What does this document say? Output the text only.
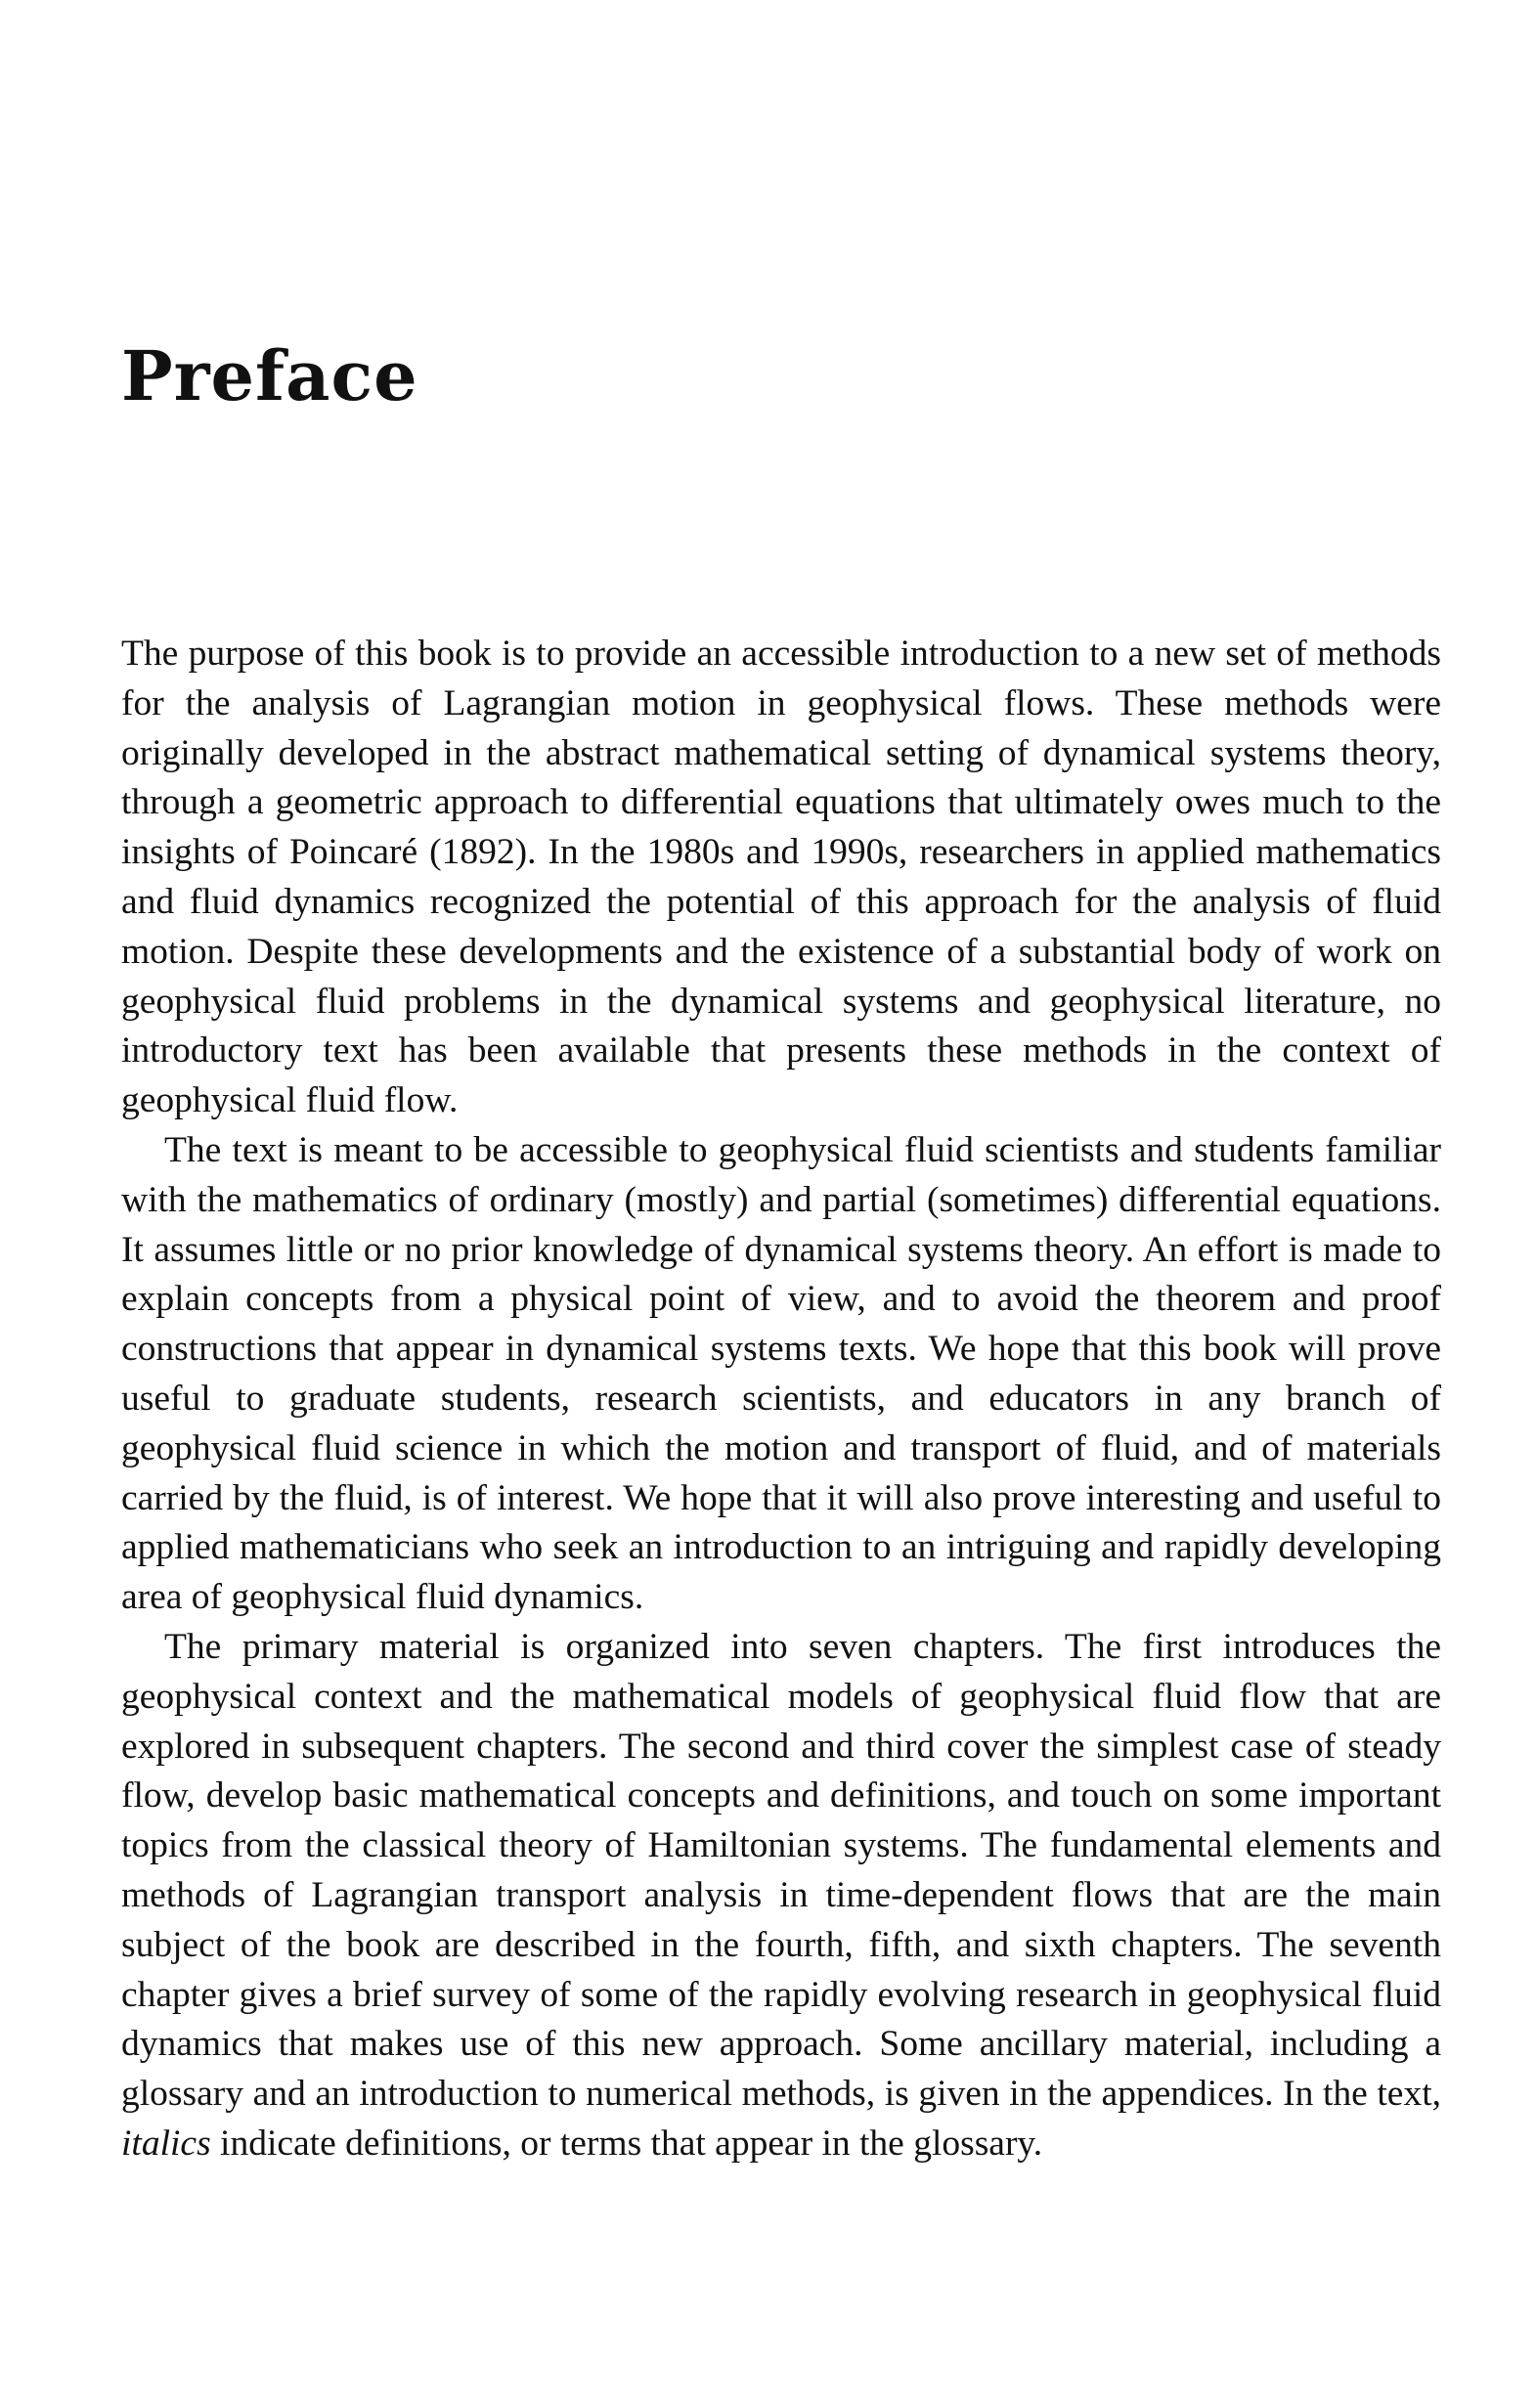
Preface

The purpose of this book is to provide an accessible introduction to a new set of methods for the analysis of Lagrangian motion in geophysical flows. These methods were originally developed in the abstract mathematical setting of dynamical systems theory, through a geometric approach to differential equations that ultimately owes much to the insights of Poincaré (1892). In the 1980s and 1990s, researchers in applied mathematics and fluid dynamics recognized the potential of this approach for the analysis of fluid motion. Despite these developments and the existence of a substantial body of work on geophysical fluid problems in the dynamical systems and geophysical literature, no introductory text has been available that presents these methods in the context of geophysical fluid flow.

The text is meant to be accessible to geophysical fluid scientists and students familiar with the mathematics of ordinary (mostly) and partial (sometimes) differential equations. It assumes little or no prior knowledge of dynamical systems theory. An effort is made to explain concepts from a physical point of view, and to avoid the theorem and proof constructions that appear in dynamical systems texts. We hope that this book will prove useful to graduate students, research scientists, and educators in any branch of geophysical fluid science in which the motion and transport of fluid, and of materials carried by the fluid, is of interest. We hope that it will also prove interesting and useful to applied mathematicians who seek an introduction to an intriguing and rapidly developing area of geophysical fluid dynamics.

The primary material is organized into seven chapters. The first introduces the geophysical context and the mathematical models of geophysical fluid flow that are explored in subsequent chapters. The second and third cover the simplest case of steady flow, develop basic mathematical concepts and definitions, and touch on some important topics from the classical theory of Hamiltonian systems. The fundamental elements and methods of Lagrangian transport analysis in time-dependent flows that are the main subject of the book are described in the fourth, fifth, and sixth chapters. The seventh chapter gives a brief survey of some of the rapidly evolving research in geophysical fluid dynamics that makes use of this new approach. Some ancillary material, including a glossary and an introduction to numerical methods, is given in the appendices. In the text, italics indicate definitions, or terms that appear in the glossary.
